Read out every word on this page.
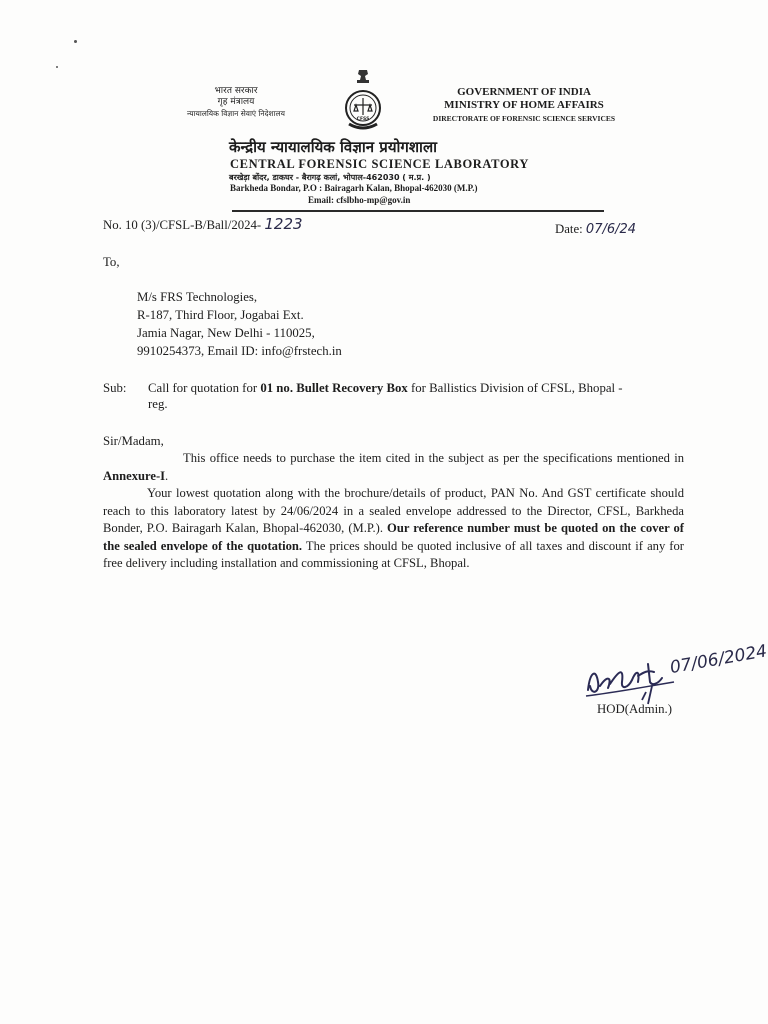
भारत सरकार
गृह मंत्रालय
न्यायालयिक विज्ञान सेवाएं निदेशालय
CFSS
GOVERNMENT OF INDIA
MINISTRY OF HOME AFFAIRS
DIRECTORATE OF FORENSIC SCIENCE SERVICES
केन्द्रीय न्यायालयिक विज्ञान प्रयोगशाला
CENTRAL FORENSIC SCIENCE LABORATORY
बरखेड़ा बोंदर, डाकघर - बैरागढ़ कलां, भोपाल-462030 ( म.प्र. )
Barkheda Bondar, P.O : Bairagarh Kalan, Bhopal-462030 (M.P.)
Email: cfslbho-mp@gov.in
No. 10 (3)/CFSL-B/Ball/2024- 1223	Date: 07/6/24
To,
M/s FRS Technologies,
R-187, Third Floor, Jogabai Ext.
Jamia Nagar, New Delhi - 110025,
9910254373, Email ID: info@frstech.in
Sub: Call for quotation for 01 no. Bullet Recovery Box for Ballistics Division of CFSL, Bhopal -
reg.
Sir/Madam,
This office needs to purchase the item cited in the subject as per the specifications mentioned in Annexure-I.
Your lowest quotation along with the brochure/details of product, PAN No. And GST certificate should reach to this laboratory latest by 24/06/2024 in a sealed envelope addressed to the Director, CFSL, Barkheda Bonder, P.O. Bairagarh Kalan, Bhopal-462030, (M.P.). Our reference number must be quoted on the cover of the sealed envelope of the quotation. The prices should be quoted inclusive of all taxes and discount if any for free delivery including installation and commissioning at CFSL, Bhopal.
07/06/2024
HOD(Admin.)
